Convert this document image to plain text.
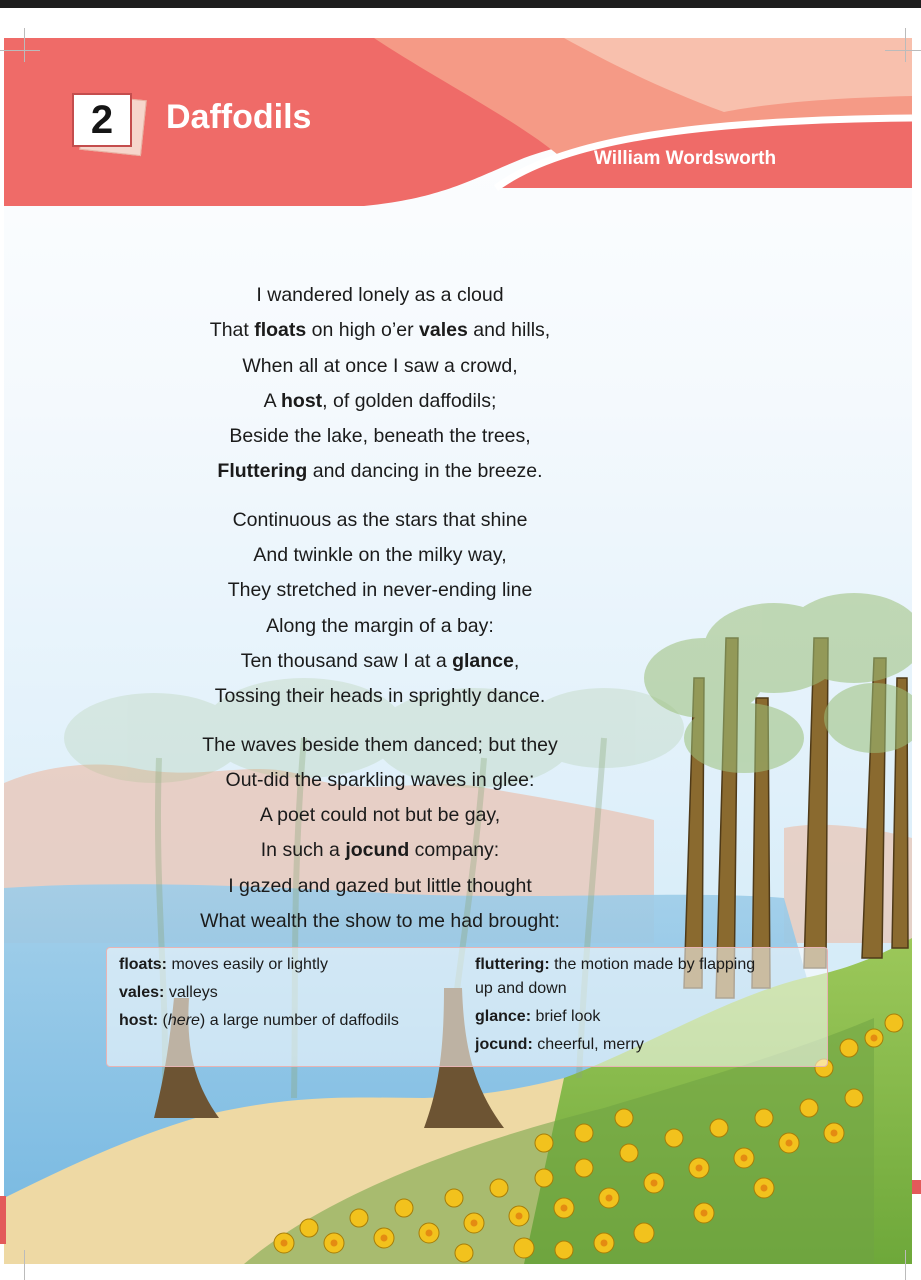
2	Daffodils
William Wordsworth
I wandered lonely as a cloud
That floats on high o’er vales and hills,
When all at once I saw a crowd,
A host, of golden daffodils;
Beside the lake, beneath the trees,
Fluttering and dancing in the breeze.
Continuous as the stars that shine
And twinkle on the milky way,
They stretched in never-ending line
Along the margin of a bay:
Ten thousand saw I at a glance,
Tossing their heads in sprightly dance.
The waves beside them danced; but they
Out-did the sparkling waves in glee:
A poet could not but be gay,
In such a jocund company:
I gazed and gazed but little thought
What wealth the show to me had brought:
floats: moves easily or lightly
vales: valleys
host: (here) a large number of daffodils
fluttering: the motion made by flapping
up and down
glance: brief look
jocund: cheerful, merry
